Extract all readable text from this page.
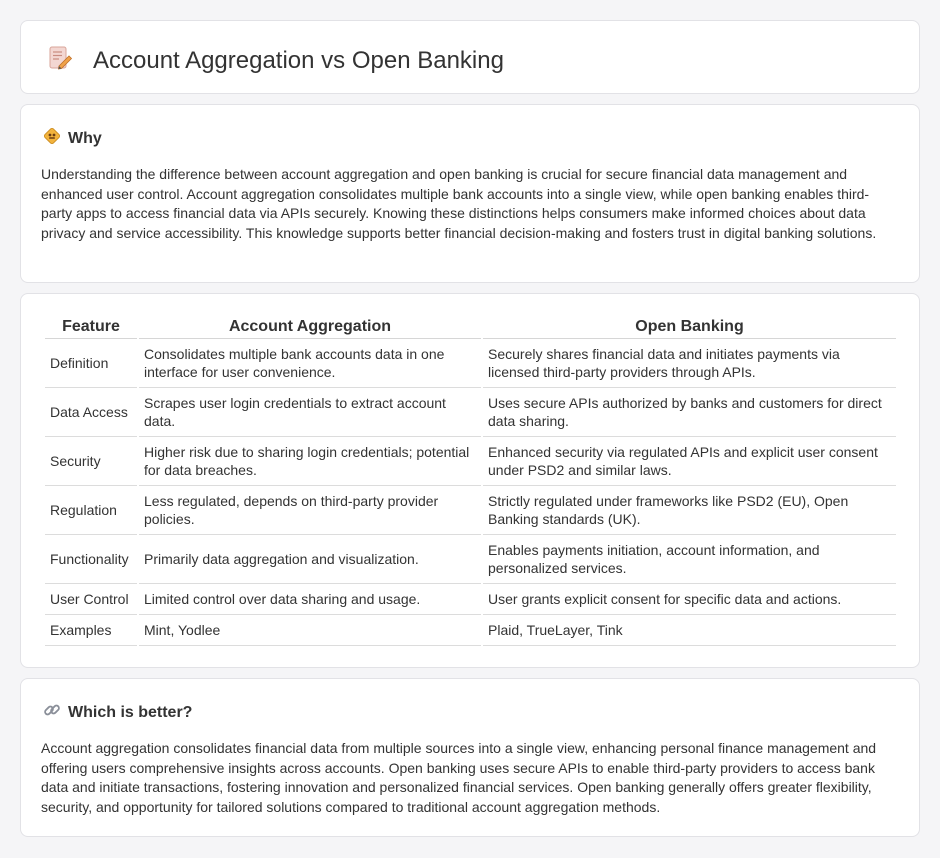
Account Aggregation vs Open Banking
Why

Understanding the difference between account aggregation and open banking is crucial for secure financial data management and enhanced user control. Account aggregation consolidates multiple bank accounts into a single view, while open banking enables third-party apps to access financial data via APIs securely. Knowing these distinctions helps consumers make informed choices about data privacy and service accessibility. This knowledge supports better financial decision-making and fosters trust in digital banking solutions.

Feature	Account Aggregation	Open Banking
Definition	Consolidates multiple bank accounts data in one interface for user convenience.	Securely shares financial data and initiates payments via licensed third-party providers through APIs.
Data Access	Scrapes user login credentials to extract account data.	Uses secure APIs authorized by banks and customers for direct data sharing.
Security	Higher risk due to sharing login credentials; potential for data breaches.	Enhanced security via regulated APIs and explicit user consent under PSD2 and similar laws.
Regulation	Less regulated, depends on third-party provider policies.	Strictly regulated under frameworks like PSD2 (EU), Open Banking standards (UK).
Functionality	Primarily data aggregation and visualization.	Enables payments initiation, account information, and personalized services.
User Control	Limited control over data sharing and usage.	User grants explicit consent for specific data and actions.
Examples	Mint, Yodlee	Plaid, TrueLayer, Tink
Which is better?

Account aggregation consolidates financial data from multiple sources into a single view, enhancing personal finance management and offering users comprehensive insights across accounts. Open banking uses secure APIs to enable third-party providers to access bank data and initiate transactions, fostering innovation and personalized financial services. Open banking generally offers greater flexibility, security, and opportunity for tailored solutions compared to traditional account aggregation methods.
